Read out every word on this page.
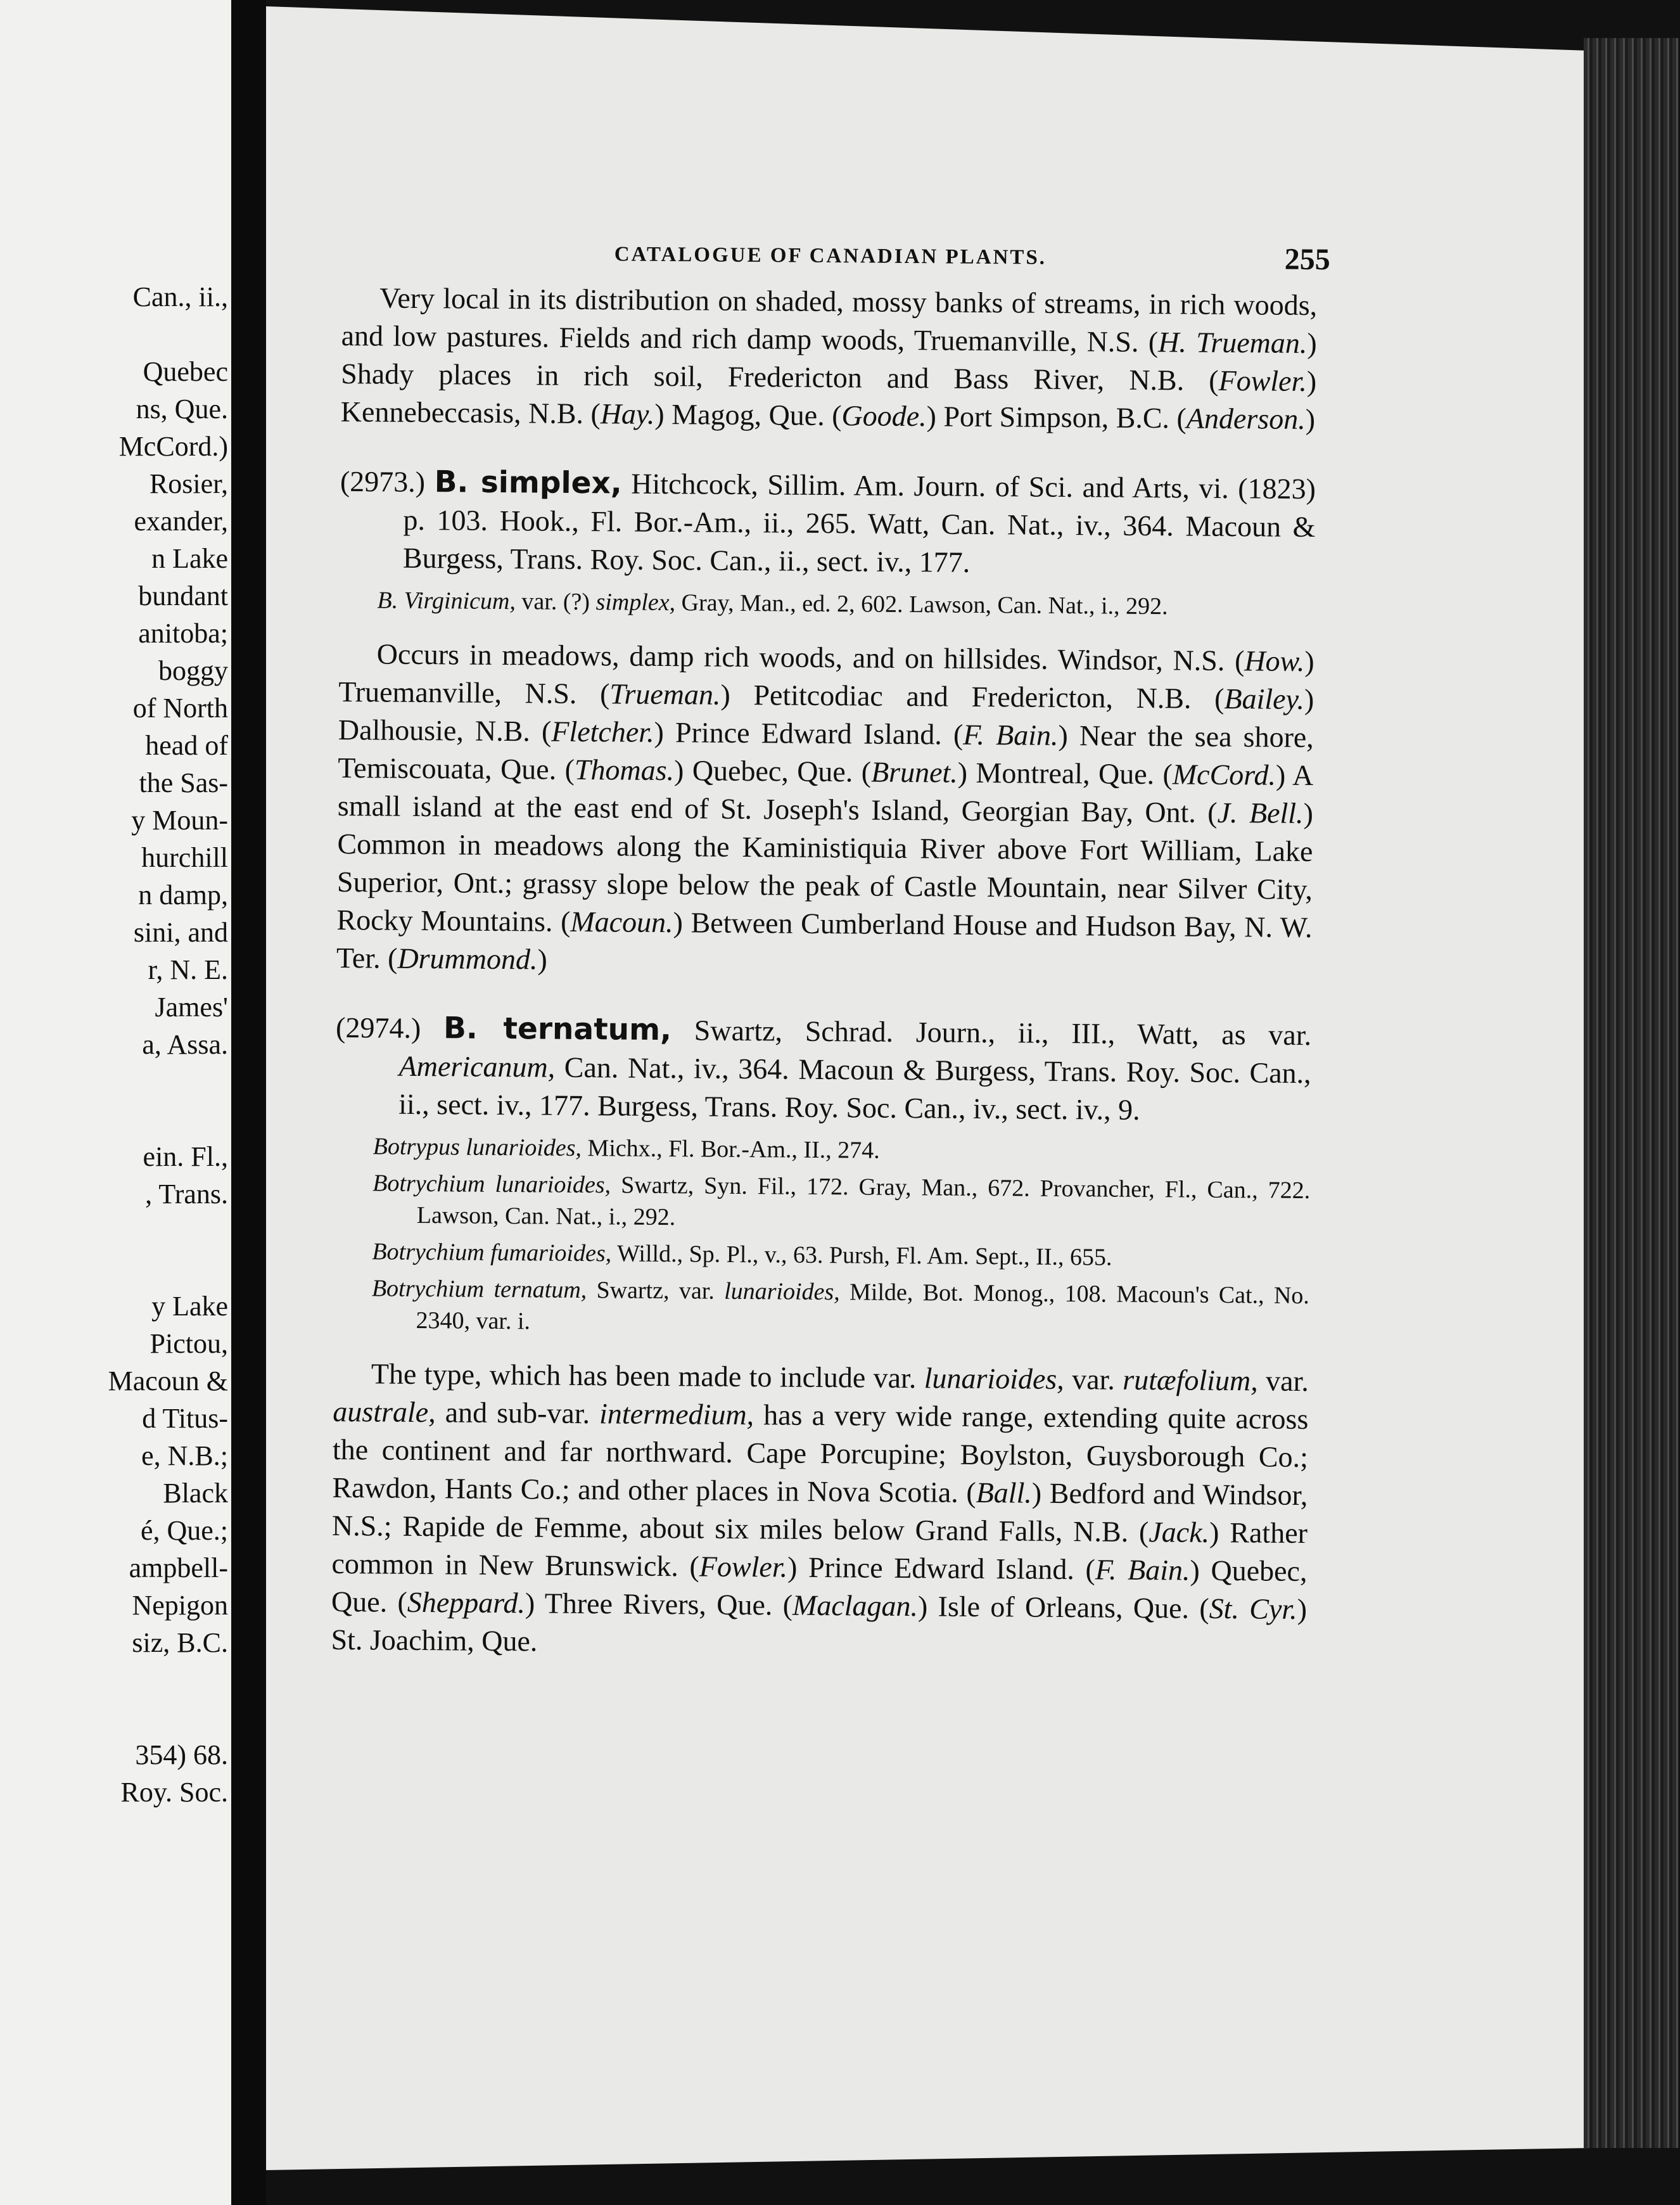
Can., ii.,
Quebec
ns, Que.
McCord.)
Rosier,
exander,
n Lake
bundant
anitoba;
boggy
of North
head of
the Sas-
y Moun-
hurchill
n damp,
sini, and
r, N. E.
James'
a, Assa.
ein. Fl.,
, Trans.
y Lake
Pictou,
Macoun &
d Titus-
e, N.B.;
Black
é, Que.;
ampbell-
Nepigon
siz, B.C.
354) 68.
Roy. Soc.
CATALOGUE OF CANADIAN PLANTS.	255

Very local in its distribution on shaded, mossy banks of streams, in rich woods, and low pastures. Fields and rich damp woods, Truemanville, N.S. (H. Trueman.) Shady places in rich soil, Fredericton and Bass River, N.B. (Fowler.) Kennebeccasis, N.B. (Hay.) Magog, Que. (Goode.) Port Simpson, B.C. (Anderson.)

(2973.) B. simplex, Hitchcock, Sillim. Am. Journ. of Sci. and Arts, vi. (1823) p. 103. Hook., Fl. Bor.-Am., ii., 265. Watt, Can. Nat., iv., 364. Macoun & Burgess, Trans. Roy. Soc. Can., ii., sect. iv., 177.

B. Virginicum, var. (?) simplex, Gray, Man., ed. 2, 602. Lawson, Can. Nat., i., 292.

Occurs in meadows, damp rich woods, and on hillsides. Windsor, N.S. (How.) Truemanville, N.S. (Trueman.) Petitcodiac and Fredericton, N.B. (Bailey.) Dalhousie, N.B. (Fletcher.) Prince Edward Island. (F. Bain.) Near the sea shore, Temiscouata, Que. (Thomas.) Quebec, Que. (Brunet.) Montreal, Que. (McCord.) A small island at the east end of St. Joseph's Island, Georgian Bay, Ont. (J. Bell.) Common in meadows along the Kaministiquia River above Fort William, Lake Superior, Ont.; grassy slope below the peak of Castle Mountain, near Silver City, Rocky Mountains. (Macoun.) Between Cumberland House and Hudson Bay, N. W. Ter. (Drummond.)

(2974.) B. ternatum, Swartz, Schrad. Journ., ii., III., Watt, as var. Americanum, Can. Nat., iv., 364. Macoun & Burgess, Trans. Roy. Soc. Can., ii., sect. iv., 177. Burgess, Trans. Roy. Soc. Can., iv., sect. iv., 9.

Botrypus lunarioides, Michx., Fl. Bor.-Am., II., 274.

Botrychium lunarioides, Swartz, Syn. Fil., 172. Gray, Man., 672. Provancher, Fl., Can., 722. Lawson, Can. Nat., i., 292.

Botrychium fumarioides, Willd., Sp. Pl., v., 63. Pursh, Fl. Am. Sept., II., 655.

Botrychium ternatum, Swartz, var. lunarioides, Milde, Bot. Monog., 108. Macoun's Cat., No. 2340, var. i.

The type, which has been made to include var. lunarioides, var. rutæfolium, var. australe, and sub-var. intermedium, has a very wide range, extending quite across the continent and far northward. Cape Porcupine; Boylston, Guysborough Co.; Rawdon, Hants Co.; and other places in Nova Scotia. (Ball.) Bedford and Windsor, N.S.; Rapide de Femme, about six miles below Grand Falls, N.B. (Jack.) Rather common in New Brunswick. (Fowler.) Prince Edward Island. (F. Bain.) Quebec, Que. (Sheppard.) Three Rivers, Que. (Maclagan.) Isle of Orleans, Que. (St. Cyr.) St. Joachim, Que.
